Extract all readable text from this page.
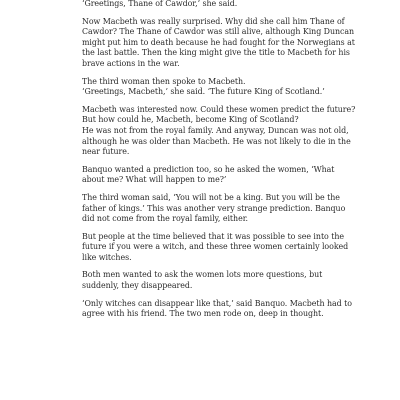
‘Greetings, Thane of Cawdor,’ she said.

Now Macbeth was really surprised. Why did she call him Thane of
Cawdor? The Thane of Cawdor was still alive, although King Duncan
might put him to death because he had fought for the Norwegians at
the last battle. Then the king might give the title to Macbeth for his
brave actions in the war.

The third woman then spoke to Macbeth.
‘Greetings, Macbeth,’ she said. ‘The future King of Scotland.’

Macbeth was interested now. Could these women predict the future?
But how could he, Macbeth, become King of Scotland?
He was not from the royal family. And anyway, Duncan was not old,
although he was older than Macbeth. He was not likely to die in the
near future.

Banquo wanted a prediction too, so he asked the women, ‘What
about me? What will happen to me?’

The third woman said, ‘You will not be a king. But you will be the
father of kings.’ This was another very strange prediction. Banquo
did not come from the royal family, either.

But people at the time believed that it was possible to see into the
future if you were a witch, and these three women certainly looked
like witches.

Both men wanted to ask the women lots more questions, but
suddenly, they disappeared.

‘Only witches can disappear like that,’ said Banquo. Macbeth had to
agree with his friend. The two men rode on, deep in thought.
